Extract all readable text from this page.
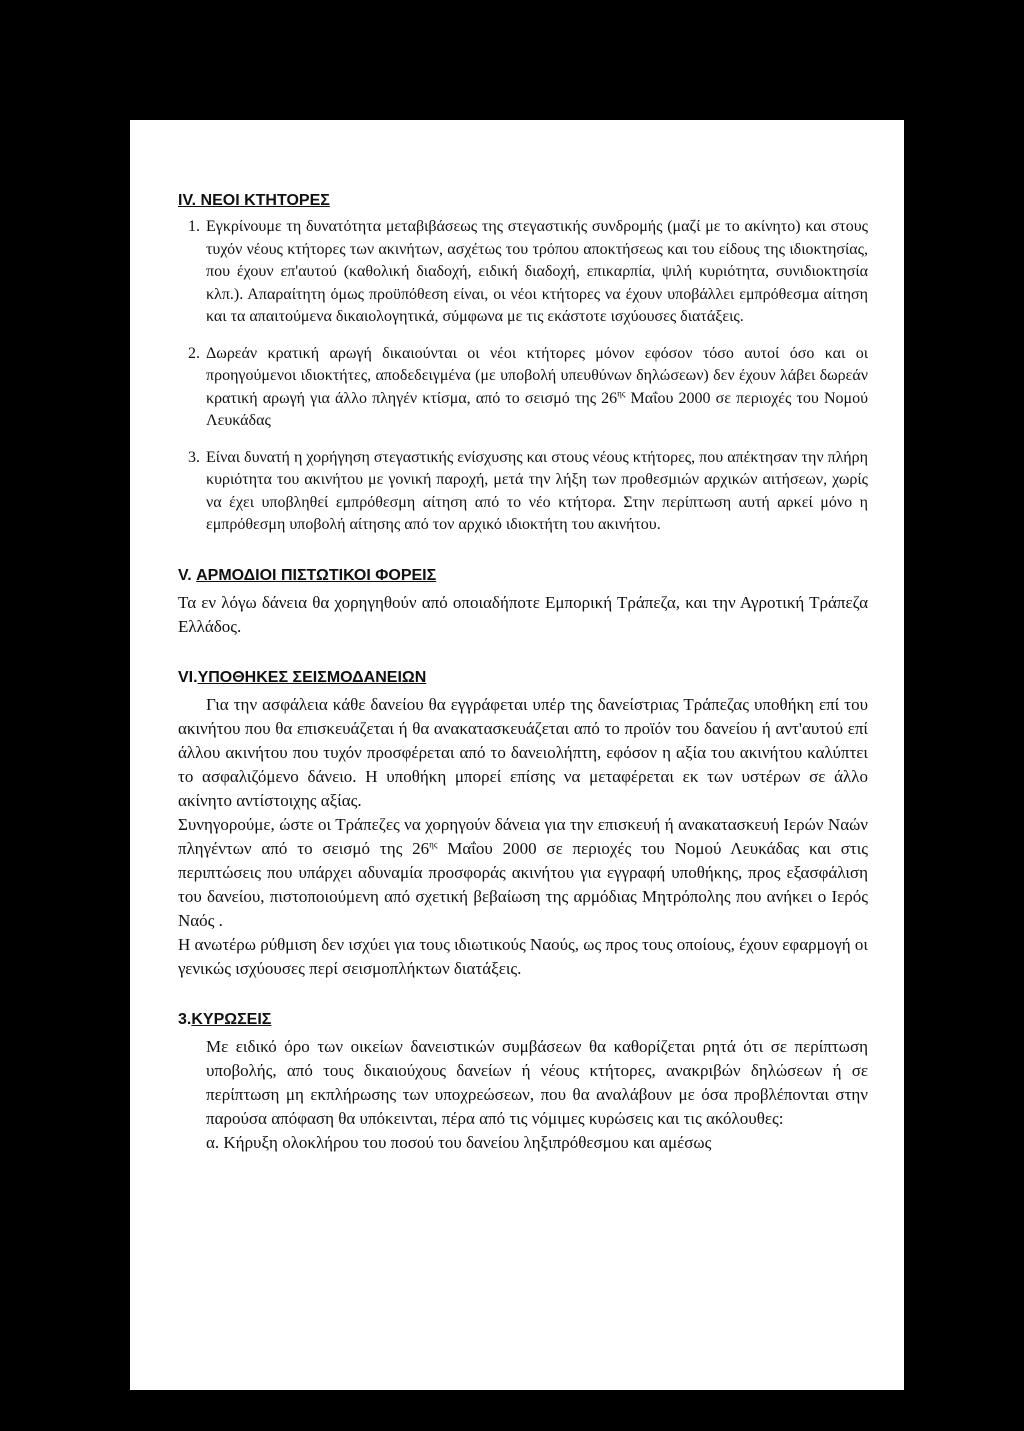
IV. ΝΕΟΙ ΚΤΗΤΟΡΕΣ
1. Εγκρίνουμε τη δυνατότητα μεταβιβάσεως της στεγαστικής συνδρομής (μαζί με το ακίνητο) και στους τυχόν νέους κτήτορες των ακινήτων, ασχέτως του τρόπου αποκτήσεως και του είδους της ιδιοκτησίας, που έχουν επ'αυτού (καθολική διαδοχή, ειδική διαδοχή, επικαρπία, ψιλή κυριότητα, συνιδιοκτησία κλπ.). Απαραίτητη όμως προϋπόθεση είναι, οι νέοι κτήτορες να έχουν υποβάλλει εμπρόθεσμα αίτηση και τα απαιτούμενα δικαιολογητικά, σύμφωνα με τις εκάστοτε ισχύουσες διατάξεις.
2. Δωρεάν κρατική αρωγή δικαιούνται οι νέοι κτήτορες μόνον εφόσον τόσο αυτοί όσο και οι προηγούμενοι ιδιοκτήτες, αποδεδειγμένα (με υποβολή υπευθύνων δηλώσεων) δεν έχουν λάβει δωρεάν κρατική αρωγή για άλλο πληγέν κτίσμα, από το σεισμό της $26^{\eta\varsigma}$ Μαΐου 2000 σε περιοχές του Νομού Λευκάδας
3. Είναι δυνατή η χορήγηση στεγαστικής ενίσχυσης και στους νέους κτήτορες, που απέκτησαν την πλήρη κυριότητα του ακινήτου με γονική παροχή, μετά την λήξη των προθεσμιών αρχικών αιτήσεων, χωρίς να έχει υποβληθεί εμπρόθεσμη αίτηση από το νέο κτήτορα. Στην περίπτωση αυτή αρκεί μόνο η εμπρόθεσμη υποβολή αίτησης από τον αρχικό ιδιοκτήτη του ακινήτου.
V. ΑΡΜΟΔΙΟΙ ΠΙΣΤΩΤΙΚΟΙ ΦΟΡΕΙΣ

Τα εν λόγω δάνεια θα χορηγηθούν από οποιαδήποτε Εμπορική Τράπεζα, και την Αγροτική Τράπεζα Ελλάδος.

VI.ΥΠΟΘΗΚΕΣ ΣΕΙΣΜΟΔΑΝΕΙΩΝ

Για την ασφάλεια κάθε δανείου θα εγγράφεται υπέρ της δανείστριας Τράπεζας υποθήκη επί του ακινήτου που θα επισκευάζεται ή θα ανακατασκευάζεται από το προϊόν του δανείου ή αντ'αυτού επί άλλου ακινήτου που τυχόν προσφέρεται από το δανειολήπτη, εφόσον η αξία του ακινήτου καλύπτει το ασφαλιζόμενο δάνειο. Η υποθήκη μπορεί επίσης να μεταφέρεται εκ των υστέρων σε άλλο ακίνητο αντίστοιχης αξίας.

Συνηγορούμε, ώστε οι Τράπεζες να χορηγούν δάνεια για την επισκευή ή ανακατασκευή Ιερών Ναών πληγέντων από το σεισμό της $26^{\eta\varsigma}$ Μαΐου 2000 σε περιοχές του Νομού Λευκάδας και στις περιπτώσεις που υπάρχει αδυναμία προσφοράς ακινήτου για εγγραφή υποθήκης, προς εξασφάλιση του δανείου, πιστοποιούμενη από σχετική βεβαίωση της αρμόδιας Μητρόπολης που ανήκει ο Ιερός Ναός .

Η ανωτέρω ρύθμιση δεν ισχύει για τους ιδιωτικούς Ναούς, ως προς τους οποίους, έχουν εφαρμογή οι γενικώς ισχύουσες περί σεισμοπλήκτων διατάξεις.

3.ΚΥΡΩΣΕΙΣ

Με ειδικό όρο των οικείων δανειστικών συμβάσεων θα καθορίζεται ρητά ότι σε περίπτωση υποβολής, από τους δικαιούχους δανείων ή νέους κτήτορες, ανακριβών δηλώσεων ή σε περίπτωση μη εκπλήρωσης των υποχρεώσεων, που θα αναλάβουν με όσα προβλέπονται στην παρούσα απόφαση θα υπόκεινται, πέρα από τις νόμιμες κυρώσεις και τις ακόλουθες:

α. Κήρυξη ολοκλήρου του ποσού του δανείου ληξιπρόθεσμου και αμέσως
